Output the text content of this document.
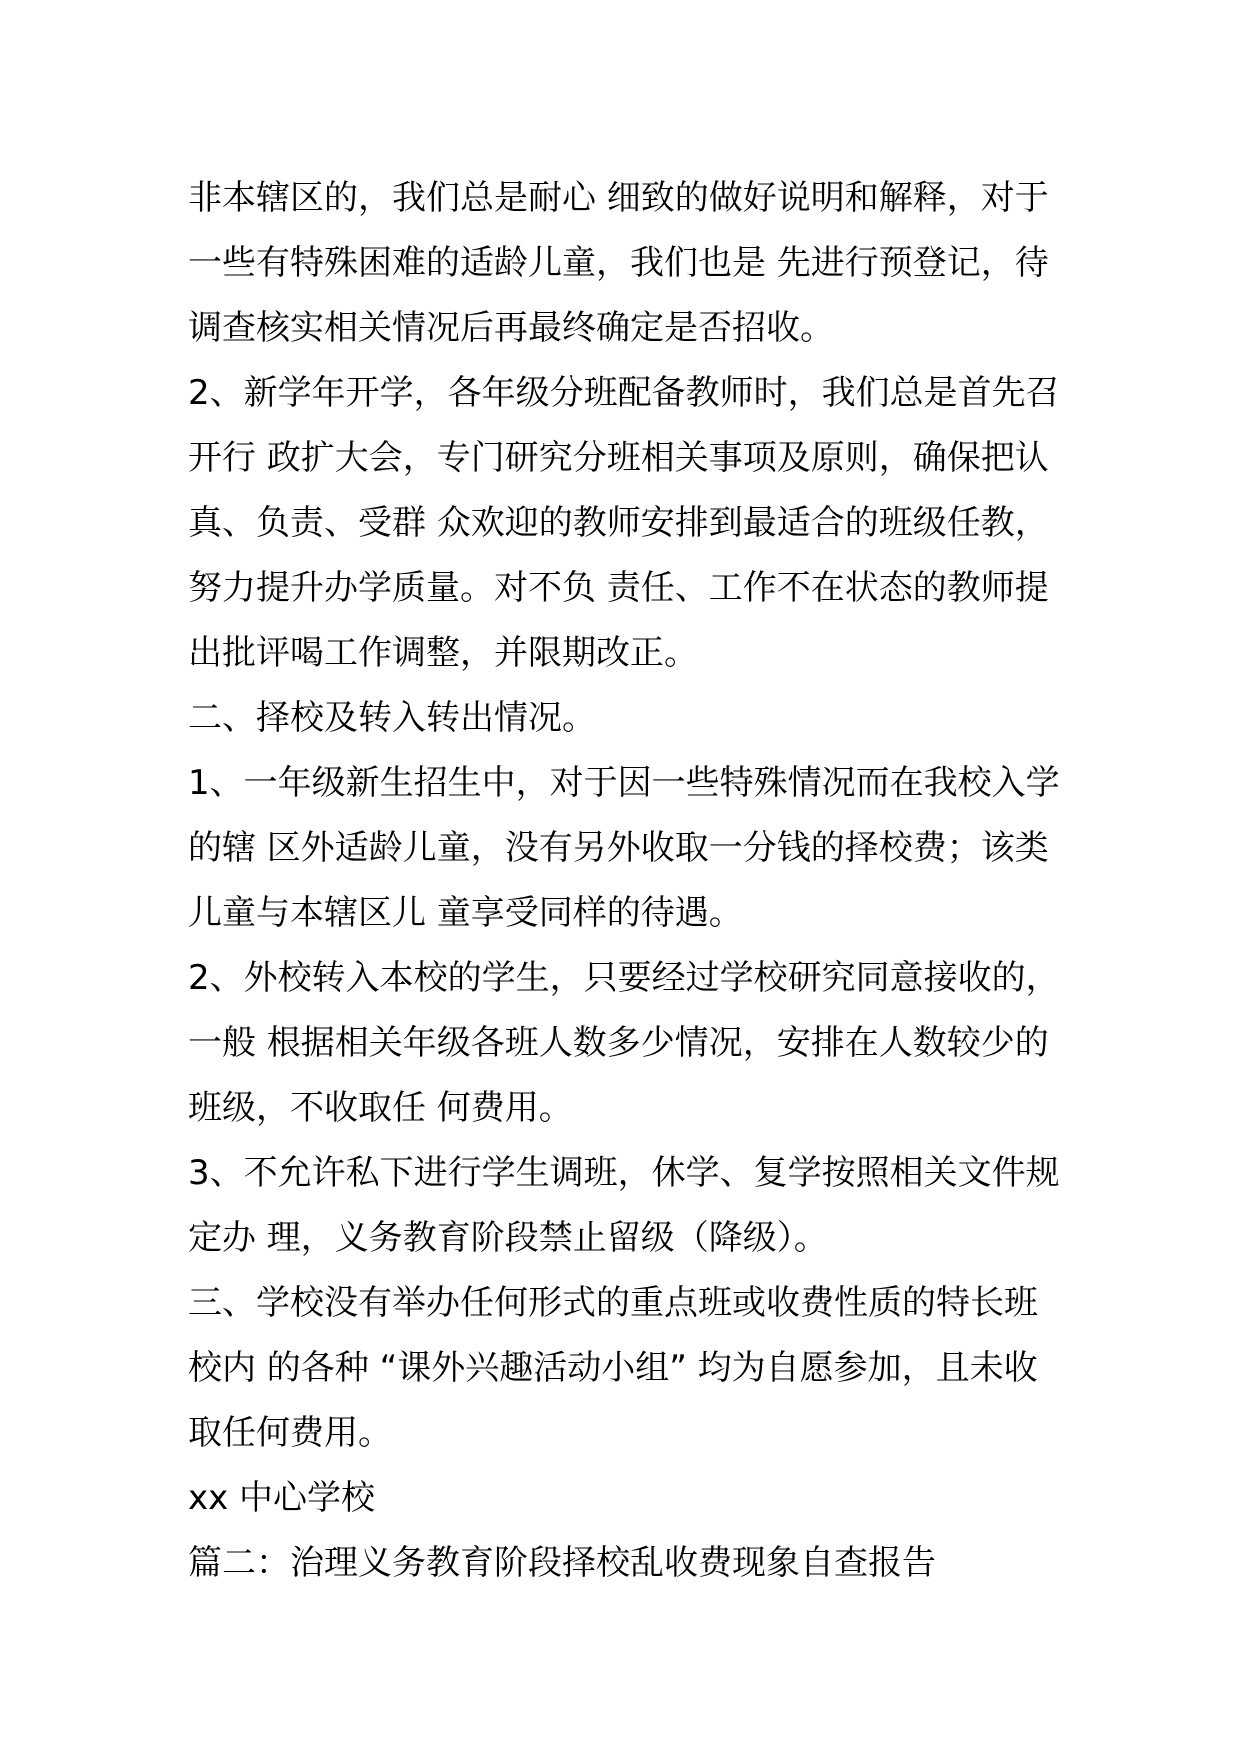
非本辖区的，我们总是耐心 细致的做好说明和解释，对于
一些有特殊困难的适龄儿童，我们也是 先进行预登记，待
调查核实相关情况后再最终确定是否招收。
2、新学年开学，各年级分班配备教师时，我们总是首先召
开行 政扩大会，专门研究分班相关事项及原则，确保把认
真、负责、受群 众欢迎的教师安排到最适合的班级任教，
努力提升办学质量。对不负 责任、工作不在状态的教师提
出批评喝工作调整，并限期改正。
二、择校及转入转出情况。
1、一年级新生招生中，对于因一些特殊情况而在我校入学
的辖 区外适龄儿童，没有另外收取一分钱的择校费；该类
儿童与本辖区儿 童享受同样的待遇。
2、外校转入本校的学生，只要经过学校研究同意接收的，
一般 根据相关年级各班人数多少情况，安排在人数较少的
班级，不收取任 何费用。
3、不允许私下进行学生调班，休学、复学按照相关文件规
定办 理，义务教育阶段禁止留级（降级）。
三、学校没有举办任何形式的重点班或收费性质的特长班
校内 的各种 “课外兴趣活动小组” 均为自愿参加，且未收
取任何费用。
xx 中心学校
篇二：治理义务教育阶段择校乱收费现象自查报告
